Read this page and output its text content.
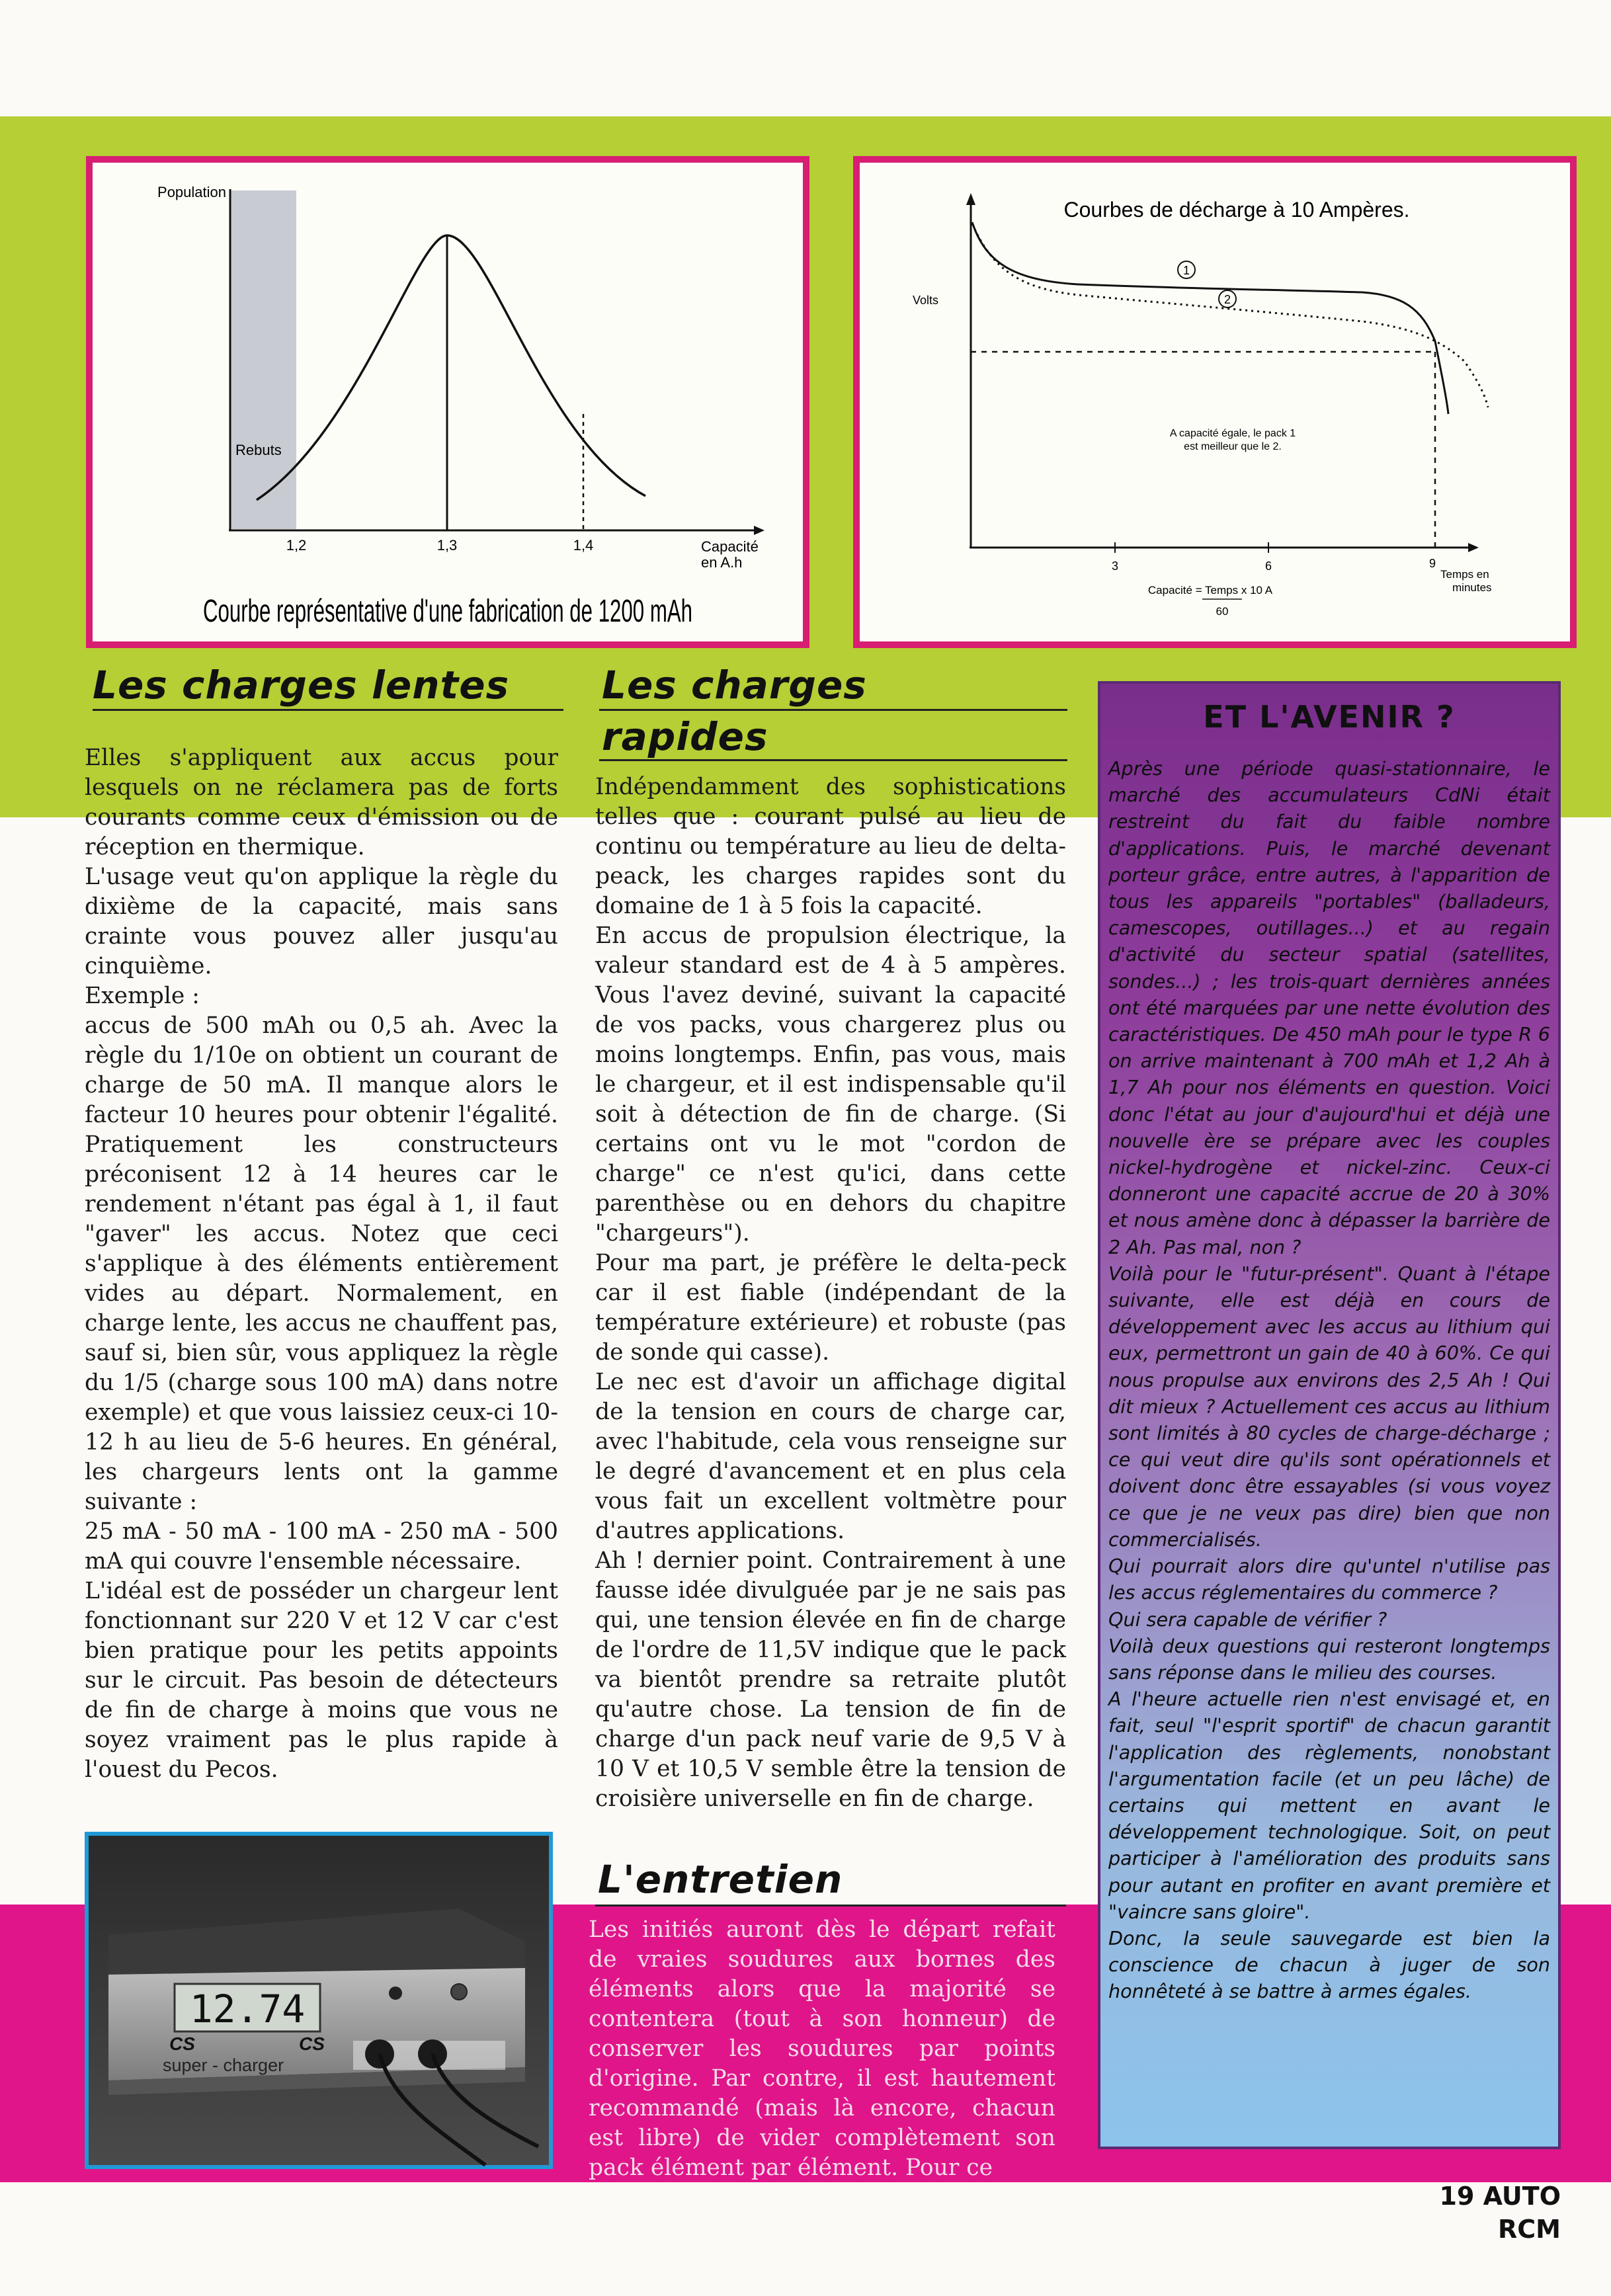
Population
Rebuts
1,2	1,3	1,4	Capacité
en A.h
Courbe représentative d'une fabrication de 1200 mAh
Courbes de décharge à 10 Ampères.
Volts
1
2
A capacité égale, le pack 1
est meilleur que le 2.
3	6	9
Temps en
minutes
Capacité = Temps x 10 A
60
Les charges lentes

Elles s'appliquent aux accus pour lesquels on ne réclamera pas de forts courants comme ceux d'émission ou de réception en thermique.

L'usage veut qu'on applique la règle du dixième de la capacité, mais sans crainte vous pouvez aller jusqu'au cinquième.

Exemple :

accus de 500 mAh ou 0,5 ah. Avec la règle du 1/10e on obtient un courant de charge de 50 mA. Il manque alors le facteur 10 heures pour obtenir l'égalité. Pratiquement les constructeurs préconisent 12 à 14 heures car le rendement n'étant pas égal à 1, il faut "gaver" les accus. Notez que ceci s'applique à des éléments entièrement vides au départ. Normalement, en charge lente, les accus ne chauffent pas, sauf si, bien sûr, vous appliquez la règle du 1/5 (charge sous 100 mA) dans notre exemple) et que vous laissiez ceux-ci 10-12 h au lieu de 5-6 heures. En général, les chargeurs lents ont la gamme suivante :

25 mA - 50 mA - 100 mA - 250 mA - 500 mA qui couvre l'ensemble nécessaire.

L'idéal est de posséder un chargeur lent fonctionnant sur 220 V et 12 V car c'est bien pratique pour les petits appoints sur le circuit. Pas besoin de détecteurs de fin de charge à moins que vous ne soyez vraiment pas le plus rapide à l'ouest du Pecos.

Les charges
rapides

Indépendamment des sophistications telles que : courant pulsé au lieu de continu ou température au lieu de delta-peack, les charges rapides sont du domaine de 1 à 5 fois la capacité.

En accus de propulsion électrique, la valeur standard est de 4 à 5 ampères. Vous l'avez deviné, suivant la capacité de vos packs, vous chargerez plus ou moins longtemps. Enfin, pas vous, mais le chargeur, et il est indispensable qu'il soit à détection de fin de charge. (Si certains ont vu le mot "cordon de charge" ce n'est qu'ici, dans cette parenthèse ou en dehors du chapitre "chargeurs").

Pour ma part, je préfère le delta-peck car il est fiable (indépendant de la température extérieure) et robuste (pas de sonde qui casse).

Le nec est d'avoir un affichage digital de la tension en cours de charge car, avec l'habitude, cela vous renseigne sur le degré d'avancement et en plus cela vous fait un excellent voltmètre pour d'autres applications.

Ah ! dernier point. Contrairement à une fausse idée divulguée par je ne sais pas qui, une tension élevée en fin de charge de l'ordre de 11,5V indique que le pack va bientôt prendre sa retraite plutôt qu'autre chose. La tension de fin de charge d'un pack neuf varie de 9,5 V à 10 V et 10,5 V semble être la tension de croisière universelle en fin de charge.

L'entretien

Les initiés auront dès le départ refait de vraies soudures aux bornes des éléments alors que la majorité se contentera (tout à son honneur) de conserver les soudures par points d'origine. Par contre, il est hautement recommandé (mais là encore, chacun est libre) de vider complètement son pack élément par élément. Pour ce

ET L'AVENIR ?

Après une période quasi-stationnaire, le marché des accumulateurs CdNi était restreint du fait du faible nombre d'applications. Puis, le marché devenant porteur grâce, entre autres, à l'apparition de tous les appareils "portables" (balladeurs, camescopes, outillages...) et au regain d'activité du secteur spatial (satellites, sondes...) ; les trois-quart dernières années ont été marquées par une nette évolution des caractéristiques. De 450 mAh pour le type R 6 on arrive maintenant à 700 mAh et 1,2 Ah à 1,7 Ah pour nos éléments en question. Voici donc l'état au jour d'aujourd'hui et déjà une nouvelle ère se prépare avec les couples nickel-hydrogène et nickel-zinc. Ceux-ci donneront une capacité accrue de 20 à 30% et nous amène donc à dépasser la barrière de 2 Ah. Pas mal, non ?

Voilà pour le "futur-présent". Quant à l'étape suivante, elle est déjà en cours de développement avec les accus au lithium qui eux, permettront un gain de 40 à 60%. Ce qui nous propulse aux environs des 2,5 Ah ! Qui dit mieux ? Actuellement ces accus au lithium sont limités à 80 cycles de charge-décharge ; ce qui veut dire qu'ils sont opérationnels et doivent donc être essayables (si vous voyez ce que je ne veux pas dire) bien que non commercialisés.

Qui pourrait alors dire qu'untel n'utilise pas les accus réglementaires du commerce ?

Qui sera capable de vérifier ?

Voilà deux questions qui resteront longtemps sans réponse dans le milieu des courses.

A l'heure actuelle rien n'est envisagé et, en fait, seul "l'esprit sportif" de chacun garantit l'application des règlements, nonobstant l'argumentation facile (et un peu lâche) de certains qui mettent en avant le développement technologique. Soit, on peut participer à l'amélioration des produits sans pour autant en profiter en avant première et "vaincre sans gloire".

Donc, la seule sauvegarde est bien la conscience de chacun à juger de son honnêteté à se battre à armes égales.

12.74
CS	CS
super - charger
19 AUTO RCM
